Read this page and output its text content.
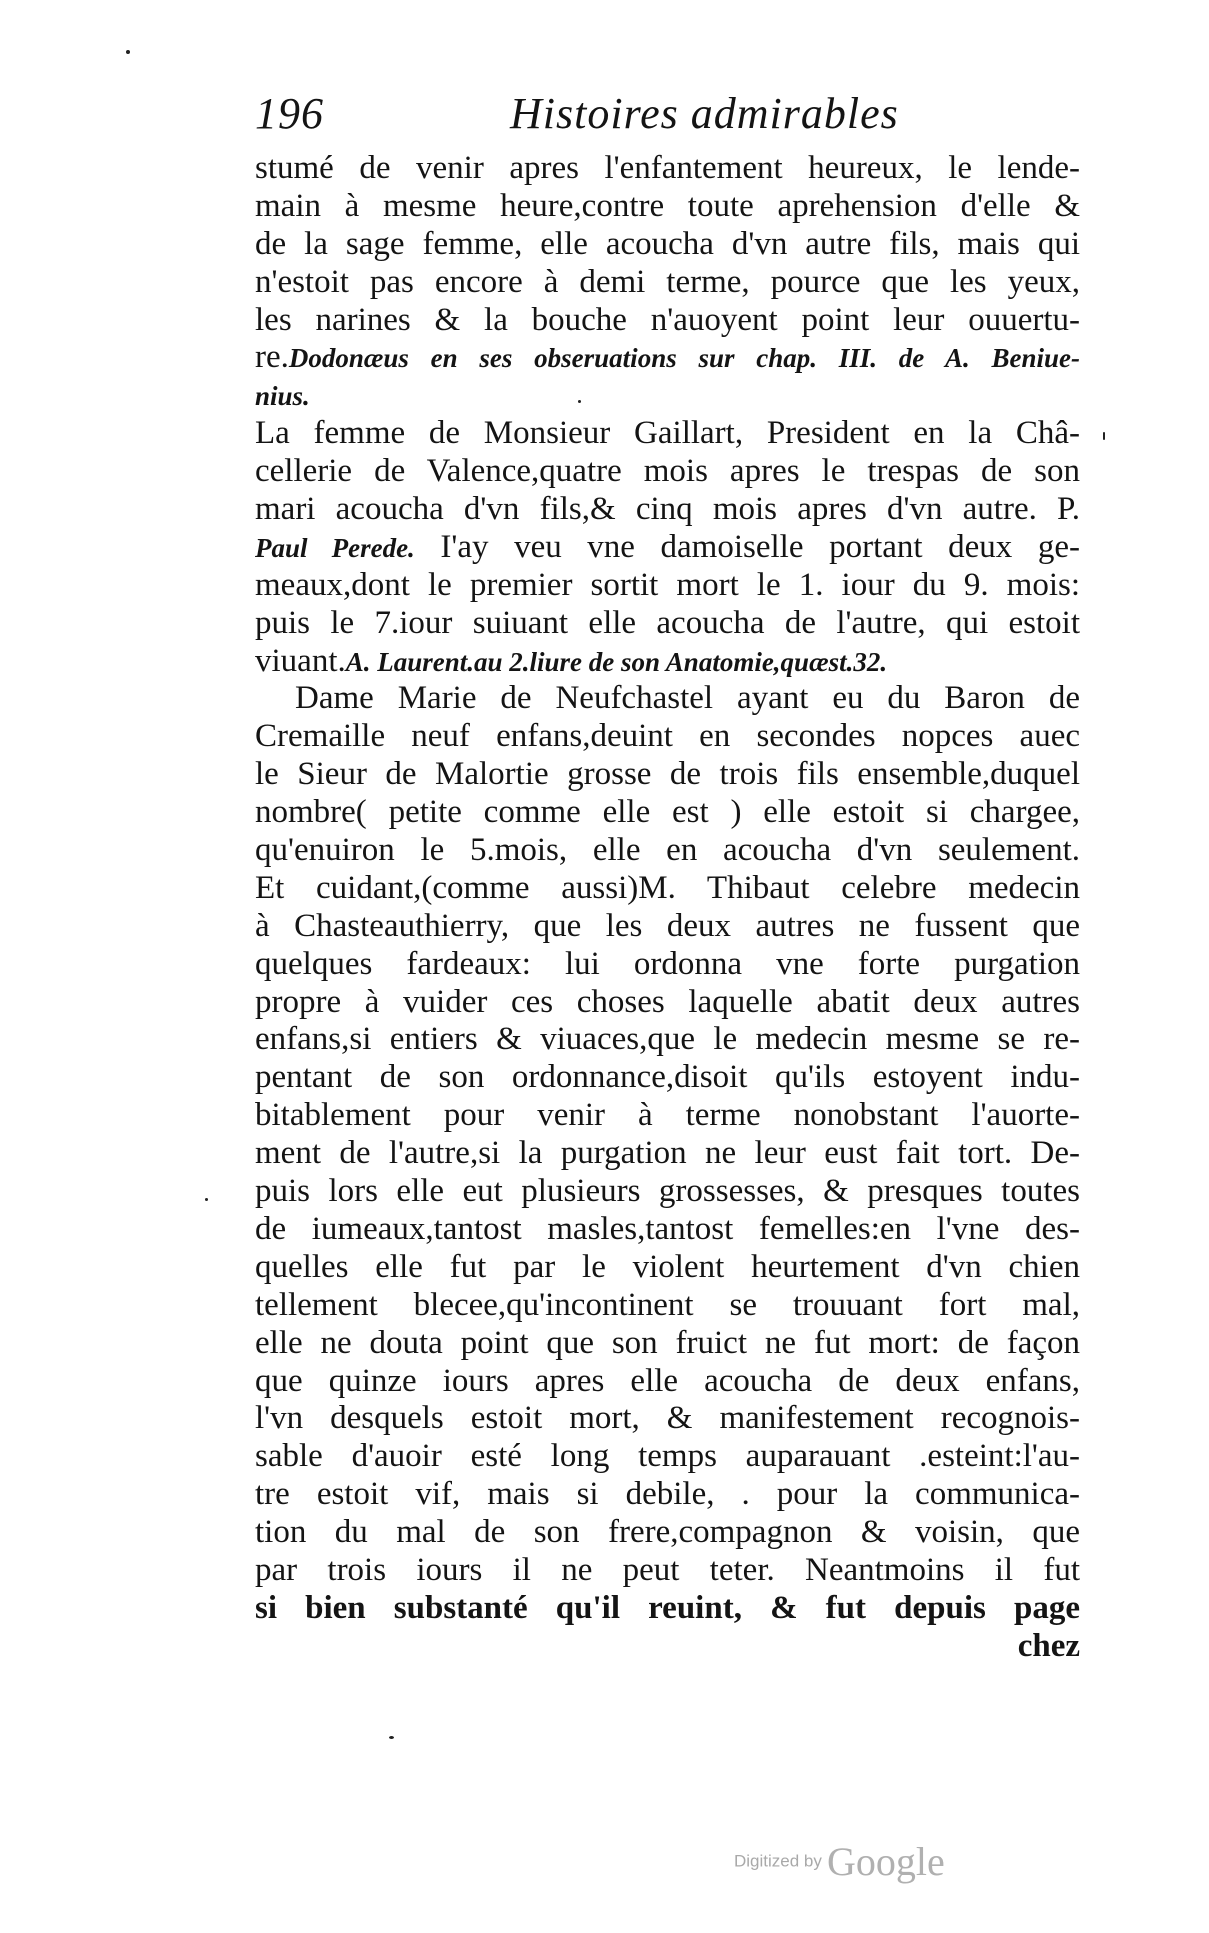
196	Histoires admirables
stumé de venir apres l'enfantement heureux, le lende-
main à mesme heure,contre toute aprehension d'elle &
de la sage femme, elle acoucha d'vn autre fils, mais qui
n'estoit pas encore à demi terme, pource que les yeux,
les narines & la bouche n'auoyent point leur ouuertu-
re.Dodonæus en ses obseruations sur chap. III. de A. Beniue-
nius.
La femme de Monsieur Gaillart, President en la Châ-
cellerie de Valence,quatre mois apres le trespas de son
mari acoucha d'vn fils,& cinq mois apres d'vn autre. P.
Paul Perede. I'ay veu vne damoiselle portant deux ge-
meaux,dont le premier sortit mort le 1. iour du 9. mois:
puis le 7.iour suiuant elle acoucha de l'autre, qui estoit
viuant.A. Laurent.au 2.liure de son Anatomie,quæst.32.
Dame Marie de Neufchastel ayant eu du Baron de
Cremaille neuf enfans,deuint en secondes nopces auec
le Sieur de Malortie grosse de trois fils ensemble,duquel
nombre( petite comme elle est ) elle estoit si chargee,
qu'enuiron le 5.mois, elle en acoucha d'vn seulement.
Et cuidant,(comme aussi)M. Thibaut celebre medecin
à Chasteauthierry, que les deux autres ne fussent que
quelques fardeaux: lui ordonna vne forte purgation
propre à vuider ces choses laquelle abatit deux autres
enfans,si entiers & viuaces,que le medecin mesme se re-
pentant de son ordonnance,disoit qu'ils estoyent indu-
bitablement pour venir à terme nonobstant l'auorte-
ment de l'autre,si la purgation ne leur eust fait tort. De-
puis lors elle eut plusieurs grossesses, & presques toutes
de iumeaux,tantost masles,tantost femelles:en l'vne des-
quelles elle fut par le violent heurtement d'vn chien
tellement blecee,qu'incontinent se trouuant fort mal,
elle ne douta point que son fruict ne fut mort: de façon
que quinze iours apres elle acoucha de deux enfans,
l'vn desquels estoit mort, & manifestement recognois-
sable d'auoir esté long temps auparauant .esteint:l'au-
tre estoit vif, mais si debile, . pour la communica-
tion du mal de son frere,compagnon & voisin, que
par trois iours il ne peut teter. Neantmoins il fut
si bien substanté qu'il reuint, & fut depuis page
chez
Digitized by Google
